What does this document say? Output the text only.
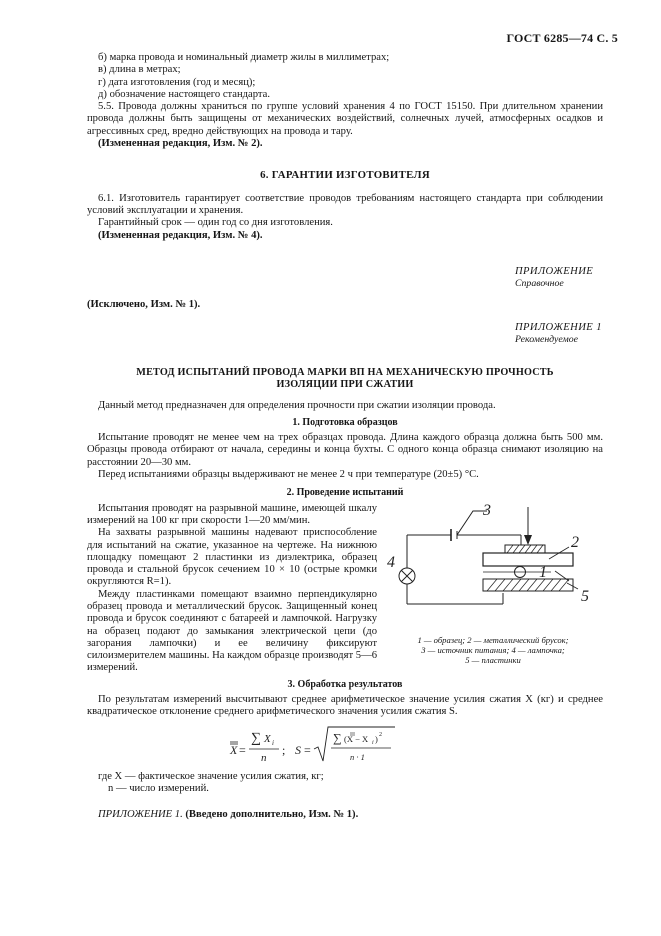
ГОСТ 6285—74 С. 5

б) марка провода и номинальный диаметр жилы в миллиметрах;

в) длина в метрах;

г) дата изготовления (год и месяц);

д) обозначение настоящего стандарта.

5.5. Провода должны храниться по группе условий хранения 4 по ГОСТ 15150. При длительном хранении провода должны быть защищены от механических воздействий, солнечных лучей, атмосферных осадков и агрессивных сред, вредно действующих на провода и тару.

(Измененная редакция, Изм. № 2).

6. ГАРАНТИИ ИЗГОТОВИТЕЛЯ

6.1. Изготовитель гарантирует соответствие проводов требованиям настоящего стандарта при соблюдении условий эксплуатации и хранения.

Гарантийный срок — один год со дня изготовления.

(Измененная редакция, Изм. № 4).

ПРИЛОЖЕНИЕ

Справочное

(Исключено, Изм. № 1).

ПРИЛОЖЕНИЕ 1

Рекомендуемое

МЕТОД ИСПЫТАНИЙ ПРОВОДА МАРКИ ВП НА МЕХАНИЧЕСКУЮ ПРОЧНОСТЬ

ИЗОЛЯЦИИ ПРИ СЖАТИИ

Данный метод предназначен для определения прочности при сжатии изоляции провода.

1. Подготовка образцов

Испытание проводят не менее чем на трех образцах провода. Длина каждого образца должна быть 500 мм. Образцы провода отбирают от начала, середины и конца бухты. С одного конца образца снимают изоляцию на расстоянии 20—30 мм.

Перед испытаниями образцы выдерживают не менее 2 ч при температуре (20±5) °С.

2. Проведение испытаний

Испытания проводят на разрывной машине, имеющей шкалу измерений на 100 кг при скорости 1—20 мм/мин.

На захваты разрывной машины надевают приспособление для испытаний на сжатие, указанное на чертеже. На нижнюю площадку помещают 2 пластинки из диэлектрика, образец провода и стальной брусок сечением 10 × 10 (острые кромки округляются R=1).

Между пластинками помещают взаимно перпендикулярно образец провода и металлический брусок. Защищенный конец провода и брусок соединяют с батареей и лампочкой. Нагрузку на образец подают до замыкания электрической цепи (до загорания лампочки) и ее величину фиксируют силоизмерителем машины. На каждом образце производят 5—6 измерений.

3
2
4
1
5

1 — образец; 2 — металлический брусок;

3 — источник питания; 4 — лампочка;

5 — пластинки

3. Обработка результатов

По результатам измерений высчитывают среднее арифметическое значение усилия сжатия X (кг) и среднее квадратическое отклонение среднего арифметического значения усилия сжатия S.

X =
∑ X i
n
; S =
∑ (X − X i ) 2
n · 1

где X — фактическое значение усилия сжатия, кг;

n — число измерений.

ПРИЛОЖЕНИЕ 1. (Введено дополнительно, Изм. № 1).
